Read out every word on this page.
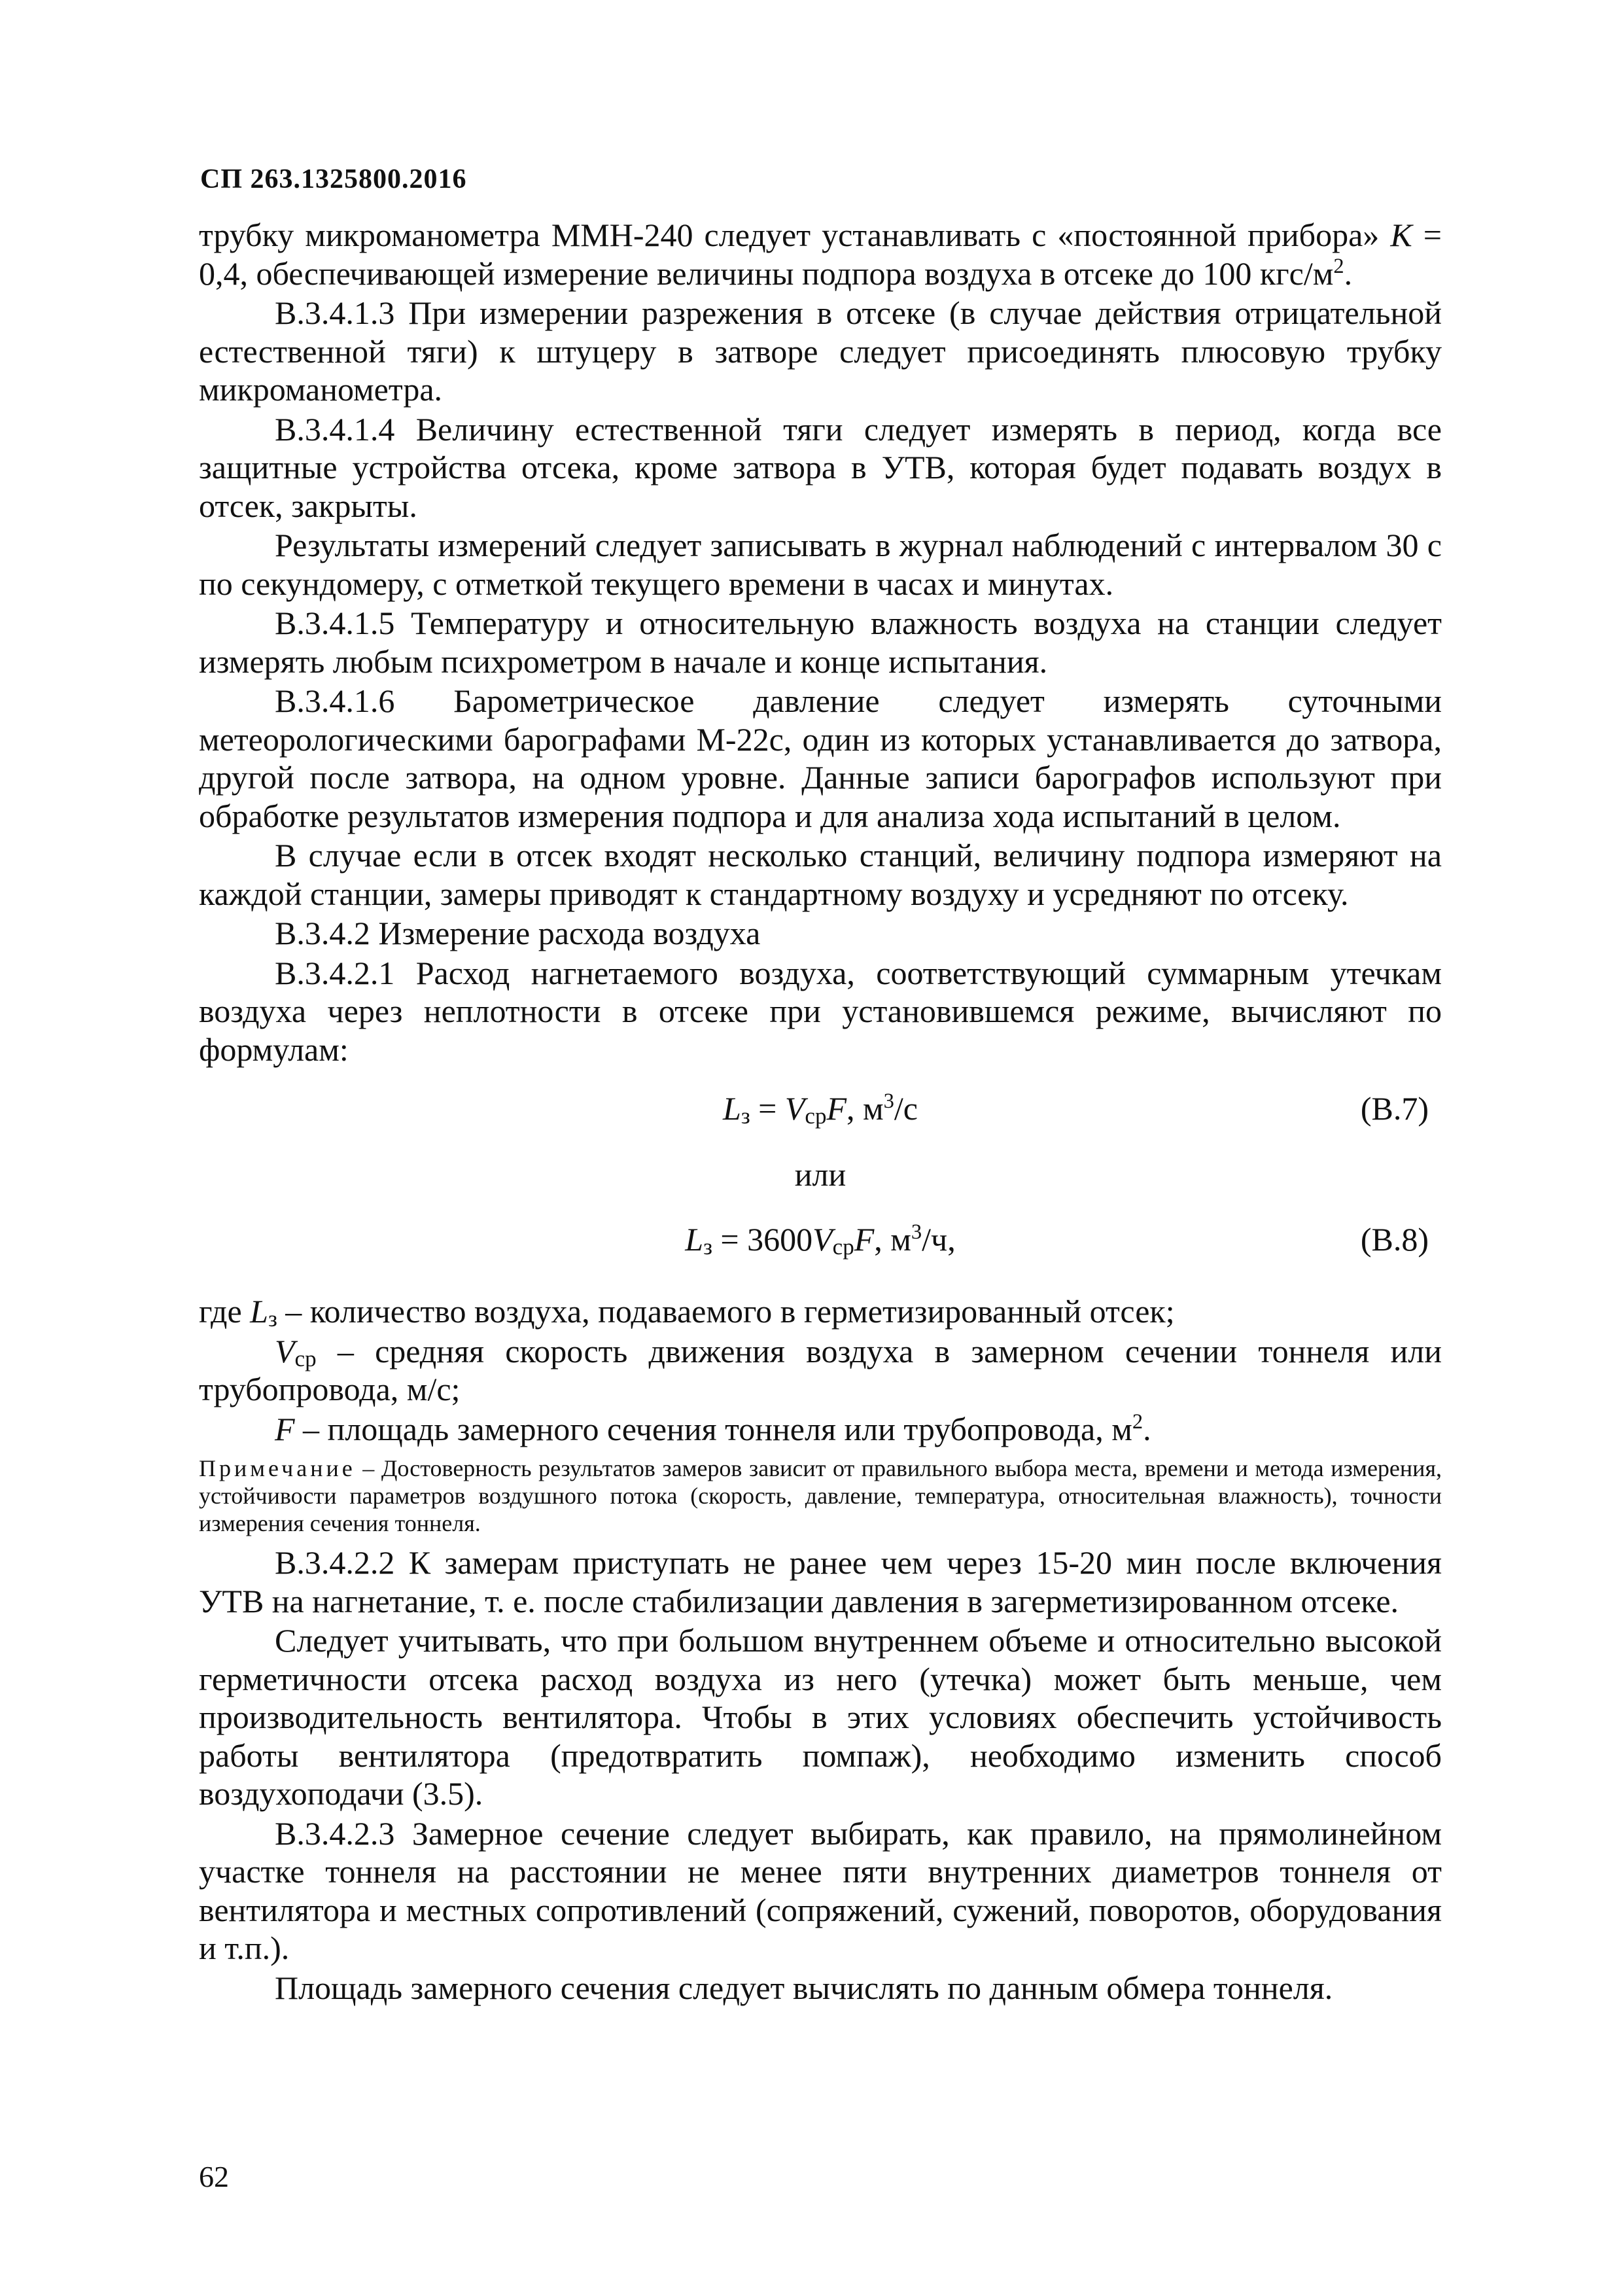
СП 263.1325800.2016

трубку микроманометра ММН-240 следует устанавливать с «постоянной прибора» K = 0,4, обеспечивающей измерение величины подпора воздуха в отсеке до 100 кгс/$м^2$.

В.3.4.1.3 При измерении разрежения в отсеке (в случае действия отрицательной естественной тяги) к штуцеру в затворе следует присоединять плюсовую трубку микроманометра.

В.3.4.1.4 Величину естественной тяги следует измерять в период, когда все защитные устройства отсека, кроме затвора в УТВ, которая будет подавать воздух в отсек, закрыты.

Результаты измерений следует записывать в журнал наблюдений с интервалом 30 с по секундомеру, с отметкой текущего времени в часах и минутах.

В.3.4.1.5 Температуру и относительную влажность воздуха на станции следует измерять любым психрометром в начале и конце испытания.

В.3.4.1.6 Барометрическое давление следует измерять суточными метеорологическими барографами М-22с, один из которых устанавливается до затвора, другой после затвора, на одном уровне. Данные записи барографов используют при обработке результатов измерения подпора и для анализа хода испытаний в целом.

В случае если в отсек входят несколько станций, величину подпора измеряют на каждой станции, замеры приводят к стандартному воздуху и усредняют по отсеку.

В.3.4.2 Измерение расхода воздуха

В.3.4.2.1 Расход нагнетаемого воздуха, соответствующий суммарным утечкам воздуха через неплотности в отсеке при установившемся режиме, вычисляют по формулам:

$L_з = V_{ср}F$, $м^3/с$	(В.7)
или
$L_з = 3600V_{ср}F$, $м^3/ч$,	(В.8)

где $L_з$ – количество воздуха, подаваемого в герметизированный отсек;

$V_{ср}$ – средняя скорость движения воздуха в замерном сечении тоннеля или трубопровода, м/с;

F – площадь замерного сечения тоннеля или трубопровода, $м^2$.

Примечание – Достоверность результатов замеров зависит от правильного выбора места, времени и метода измерения, устойчивости параметров воздушного потока (скорость, давление, температура, относительная влажность), точности измерения сечения тоннеля.

В.3.4.2.2 К замерам приступать не ранее чем через 15-20 мин после включения УТВ на нагнетание, т. е. после стабилизации давления в загерметизированном отсеке.

Следует учитывать, что при большом внутреннем объеме и относительно высокой герметичности отсека расход воздуха из него (утечка) может быть меньше, чем производительность вентилятора. Чтобы в этих условиях обеспечить устойчивость работы вентилятора (предотвратить помпаж), необходимо изменить способ воздухоподачи (3.5).

В.3.4.2.3 Замерное сечение следует выбирать, как правило, на прямолинейном участке тоннеля на расстоянии не менее пяти внутренних диаметров тоннеля от вентилятора и местных сопротивлений (сопряжений, сужений, поворотов, оборудования и т.п.).

Площадь замерного сечения следует вычислять по данным обмера тоннеля.

62
